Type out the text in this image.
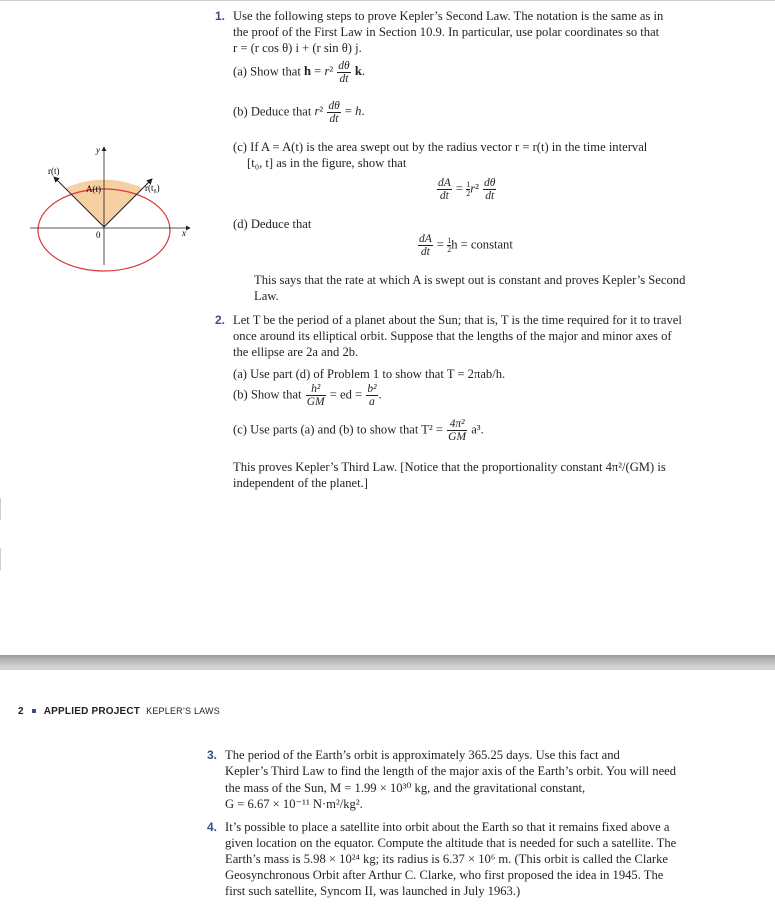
r(t)
A(t)	r(t₀)
y
x
0
1. Use the following steps to prove Kepler’s Second Law. The notation is the same as in
the proof of the First Law in Section 10.9. In particular, use polar coordinates so that
r = (r cos θ) i + (r sin θ) j.
(a) Show that $h = r^2 \frac{d\theta}{dt} k$.
(b) Deduce that $r^2 \frac{d\theta}{dt} = h$.
(c) If A = A(t) is the area swept out by the radius vector r = r(t) in the time interval
[t₀, t] as in the figure, show that
$\frac{dA}{dt} = \frac{1}{2} r^2 \frac{d\theta}{dt}$
(d) Deduce that
$\frac{dA}{dt} = \frac{1}{2}$ h = constant
This says that the rate at which A is swept out is constant and proves Kepler’s Second
Law.
2. Let T be the period of a planet about the Sun; that is, T is the time required for it to travel
once around its elliptical orbit. Suppose that the lengths of the major and minor axes of
the ellipse are 2a and 2b.
(a) Use part (d) of Problem 1 to show that T = 2πab/h.
(b) Show that $\frac{\text{h²}}{GM}$ = ed = $\frac{\text{b²}}{a}$ .
(c) Use parts (a) and (b) to show that $T^2 = \frac{\text{4π²}}{GM} a^3$.
This proves Kepler’s Third Law. [Notice that the proportionality constant 4π²/(GM) is
independent of the planet.]
2 APPLIED PROJECT KEPLER’S LAWS
3. The period of the Earth’s orbit is approximately 365.25 days. Use this fact and
Kepler’s Third Law to find the length of the major axis of the Earth’s orbit. You will need
the mass of the Sun, M = 1.99 × 10³⁰ kg, and the gravitational constant,
G = 6.67 × 10⁻¹¹ N·m²/kg².
4. It’s possible to place a satellite into orbit about the Earth so that it remains fixed above a
given location on the equator. Compute the altitude that is needed for such a satellite. The
Earth’s mass is 5.98 × 10²⁴ kg; its radius is 6.37 × 10⁶ m. (This orbit is called the Clarke
Geosynchronous Orbit after Arthur C. Clarke, who first proposed the idea in 1945. The
first such satellite, Syncom II, was launched in July 1963.)
